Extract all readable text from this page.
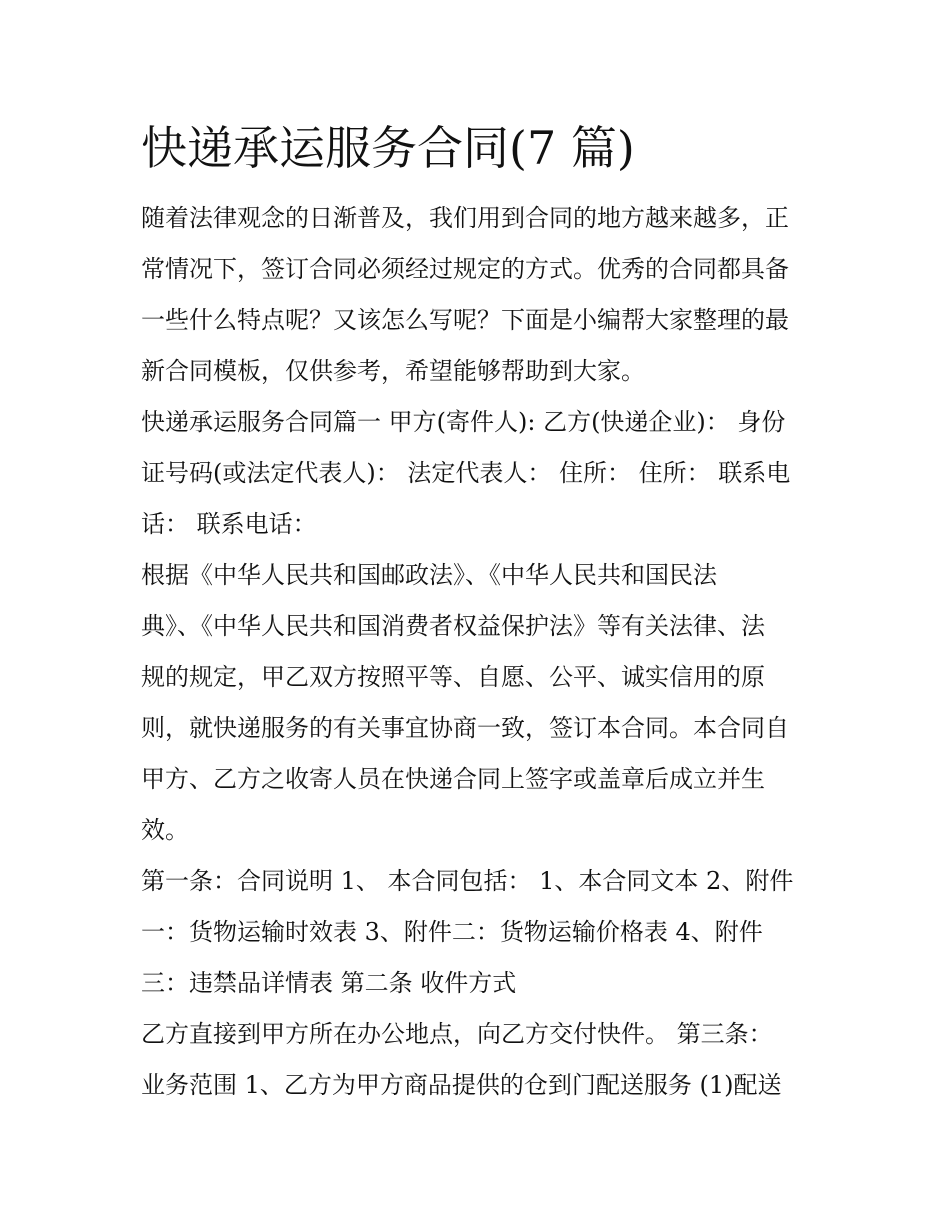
快递承运服务合同(7 篇)

随着法律观念的日渐普及，我们用到合同的地方越来越多，正
常情况下，签订合同必须经过规定的方式。优秀的合同都具备
一些什么特点呢？又该怎么写呢？下面是小编帮大家整理的最
新合同模板，仅供参考，希望能够帮助到大家。

快递承运服务合同篇一 甲方(寄件人): 乙方(快递企业)： 身份
证号码(或法定代表人)： 法定代表人： 住所： 住所： 联系电
话： 联系电话：

根据《中华人民共和国邮政法》、《中华人民共和国民法
典》、《中华人民共和国消费者权益保护法》等有关法律、法
规的规定，甲乙双方按照平等、自愿、公平、诚实信用的原
则，就快递服务的有关事宜协商一致，签订本合同。本合同自
甲方、乙方之收寄人员在快递合同上签字或盖章后成立并生
效。

第一条：合同说明 1、 本合同包括： 1、本合同文本 2、附件
一：货物运输时效表 3、附件二：货物运输价格表 4、附件
三：违禁品详情表 第二条 收件方式

乙方直接到甲方所在办公地点，向乙方交付快件。 第三条：
业务范围 1、乙方为甲方商品提供的仓到门配送服务 (1)配送
